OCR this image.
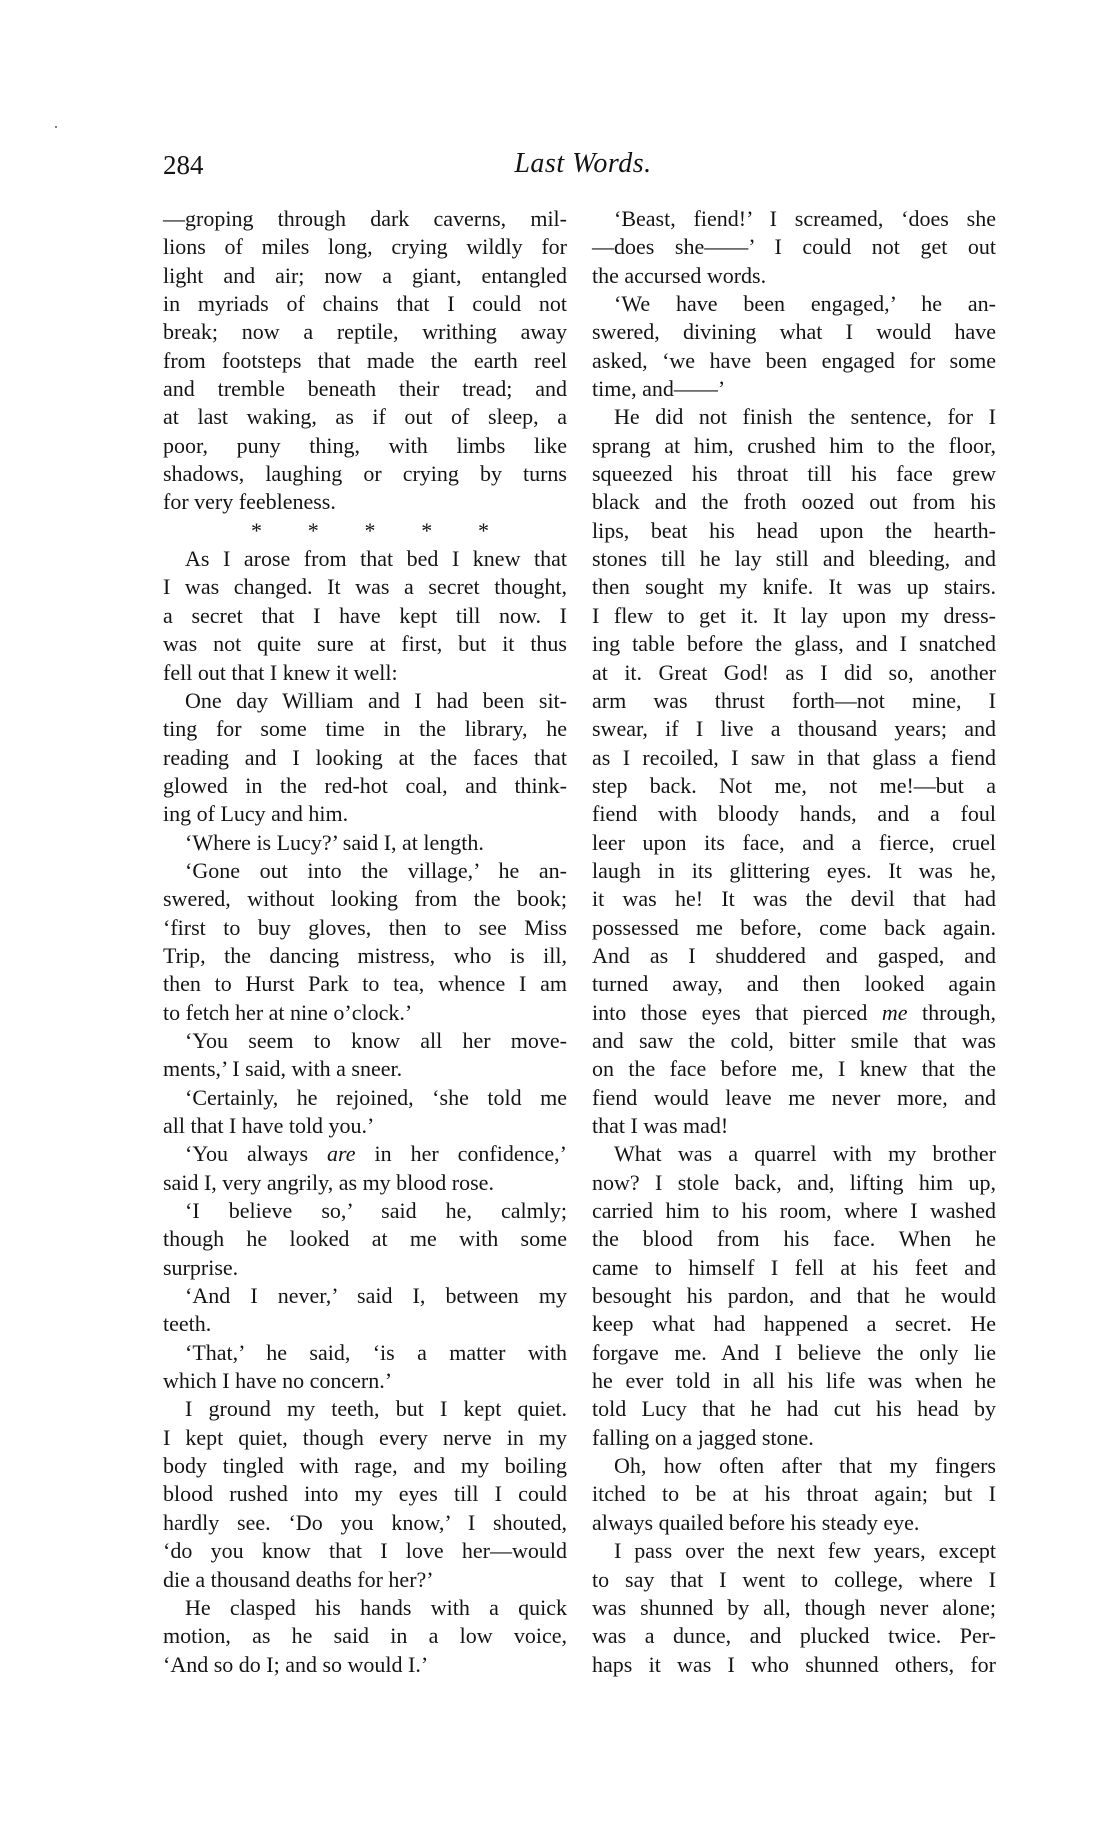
284	Last Words.
—groping through dark caverns, mil-
lions of miles long, crying wildly for
light and air; now a giant, entangled
in myriads of chains that I could not
break; now a reptile, writhing away
from footsteps that made the earth reel
and tremble beneath their tread; and
at last waking, as if out of sleep, a
poor, puny thing, with limbs like
shadows, laughing or crying by turns
for very feebleness.
* * * * *
As I arose from that bed I knew that
I was changed. It was a secret thought,
a secret that I have kept till now. I
was not quite sure at first, but it thus
fell out that I knew it well:
One day William and I had been sit-
ting for some time in the library, he
reading and I looking at the faces that
glowed in the red-hot coal, and think-
ing of Lucy and him.
‘Where is Lucy?’ said I, at length.
‘Gone out into the village,’ he an-
swered, without looking from the book;
‘first to buy gloves, then to see Miss
Trip, the dancing mistress, who is ill,
then to Hurst Park to tea, whence I am
to fetch her at nine o’clock.’
‘You seem to know all her move-
ments,’ I said, with a sneer.
‘Certainly, he rejoined, ‘she told me
all that I have told you.’
‘You always are in her confidence,’
said I, very angrily, as my blood rose.
‘I believe so,’ said he, calmly;
though he looked at me with some
surprise.
‘And I never,’ said I, between my
teeth.
‘That,’ he said, ‘is a matter with
which I have no concern.’
I ground my teeth, but I kept quiet.
I kept quiet, though every nerve in my
body tingled with rage, and my boiling
blood rushed into my eyes till I could
hardly see. ‘Do you know,’ I shouted,
‘do you know that I love her—would
die a thousand deaths for her?’
He clasped his hands with a quick
motion, as he said in a low voice,
‘And so do I; and so would I.’
‘Beast, fiend!’ I screamed, ‘does she
—does she——’ I could not get out
the accursed words.
‘We have been engaged,’ he an-
swered, divining what I would have
asked, ‘we have been engaged for some
time, and——’
He did not finish the sentence, for I
sprang at him, crushed him to the floor,
squeezed his throat till his face grew
black and the froth oozed out from his
lips, beat his head upon the hearth-
stones till he lay still and bleeding, and
then sought my knife. It was up stairs.
I flew to get it. It lay upon my dress-
ing table before the glass, and I snatched
at it. Great God! as I did so, another
arm was thrust forth—not mine, I
swear, if I live a thousand years; and
as I recoiled, I saw in that glass a fiend
step back. Not me, not me!—but a
fiend with bloody hands, and a foul
leer upon its face, and a fierce, cruel
laugh in its glittering eyes. It was he,
it was he! It was the devil that had
possessed me before, come back again.
And as I shuddered and gasped, and
turned away, and then looked again
into those eyes that pierced me through,
and saw the cold, bitter smile that was
on the face before me, I knew that the
fiend would leave me never more, and
that I was mad!
What was a quarrel with my brother
now? I stole back, and, lifting him up,
carried him to his room, where I washed
the blood from his face. When he
came to himself I fell at his feet and
besought his pardon, and that he would
keep what had happened a secret. He
forgave me. And I believe the only lie
he ever told in all his life was when he
told Lucy that he had cut his head by
falling on a jagged stone.
Oh, how often after that my fingers
itched to be at his throat again; but I
always quailed before his steady eye.
I pass over the next few years, except
to say that I went to college, where I
was shunned by all, though never alone;
was a dunce, and plucked twice. Per-
haps it was I who shunned others, for
